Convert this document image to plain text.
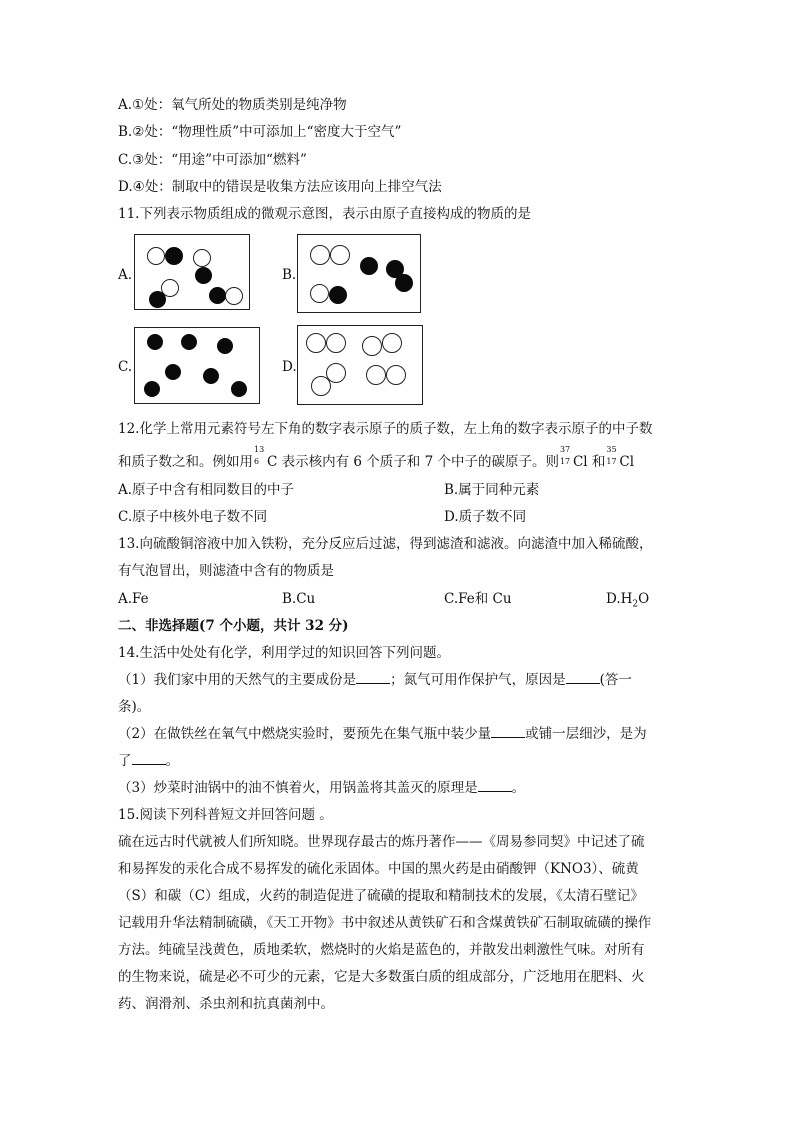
A.①处：氧气所处的物质类别是纯净物
B.②处：“物理性质”中可添加上“密度大于空气”
C.③处：“用途”中可添加“燃料”
D.④处：制取中的错误是收集方法应该用向上排空气法
11.下列表示物质组成的微观示意图，表示由原子直接构成的物质的是
A.	B.
C.	D.
12.化学上常用元素符号左下角的数字表示原子的质子数，左上角的数字表示原子的中子数
和质子数之和。例如用
13
6 C 表示核内有 6 个质子和 7 个中子的碳原子。则
37
17 Cl 和
35
17 Cl
A.原子中含有相同数目的中子	B.属于同种元素
C.原子中核外电子数不同	D.质子数不同
13.向硫酸铜溶液中加入铁粉，充分反应后过滤，得到滤渣和滤液。向滤渣中加入稀硫酸，
有气泡冒出，则滤渣中含有的物质是
A.Fe	B.Cu	C.Fe和 Cu	$D.H_2O$
二、非选择题(7 个小题，共计 32 分)
14.生活中处处有化学，利用学过的知识回答下列问题。
（1）我们家中用的天然气的主要成份是	；氮气可用作保护气，原因是	(答一
条)。
（2）在做铁丝在氧气中燃烧实验时，要预先在集气瓶中装少量	或铺一层细沙，是为
了	。
（3）炒菜时油锅中的油不慎着火，用锅盖将其盖灭的原理是	。
15.阅读下列科普短文并回答问题 。
硫在远古时代就被人们所知晓。世界现存最古的炼丹著作——《周易参同契》中记述了硫
和易挥发的汞化合成不易挥发的硫化汞固体。中国的黑火药是由硝酸钾（KNO3）、硫黄
（S）和碳（C）组成，火药的制造促进了硫磺的提取和精制技术的发展，《太清石壁记》
记载用升华法精制硫磺，《天工开物》书中叙述从黄铁矿石和含煤黄铁矿石制取硫磺的操作
方法。纯硫呈浅黄色，质地柔软，燃烧时的火焰是蓝色的，并散发出刺激性气味。对所有
的生物来说，硫是必不可少的元素，它是大多数蛋白质的组成部分，广泛地用在肥料、火
药、润滑剂、杀虫剂和抗真菌剂中。
